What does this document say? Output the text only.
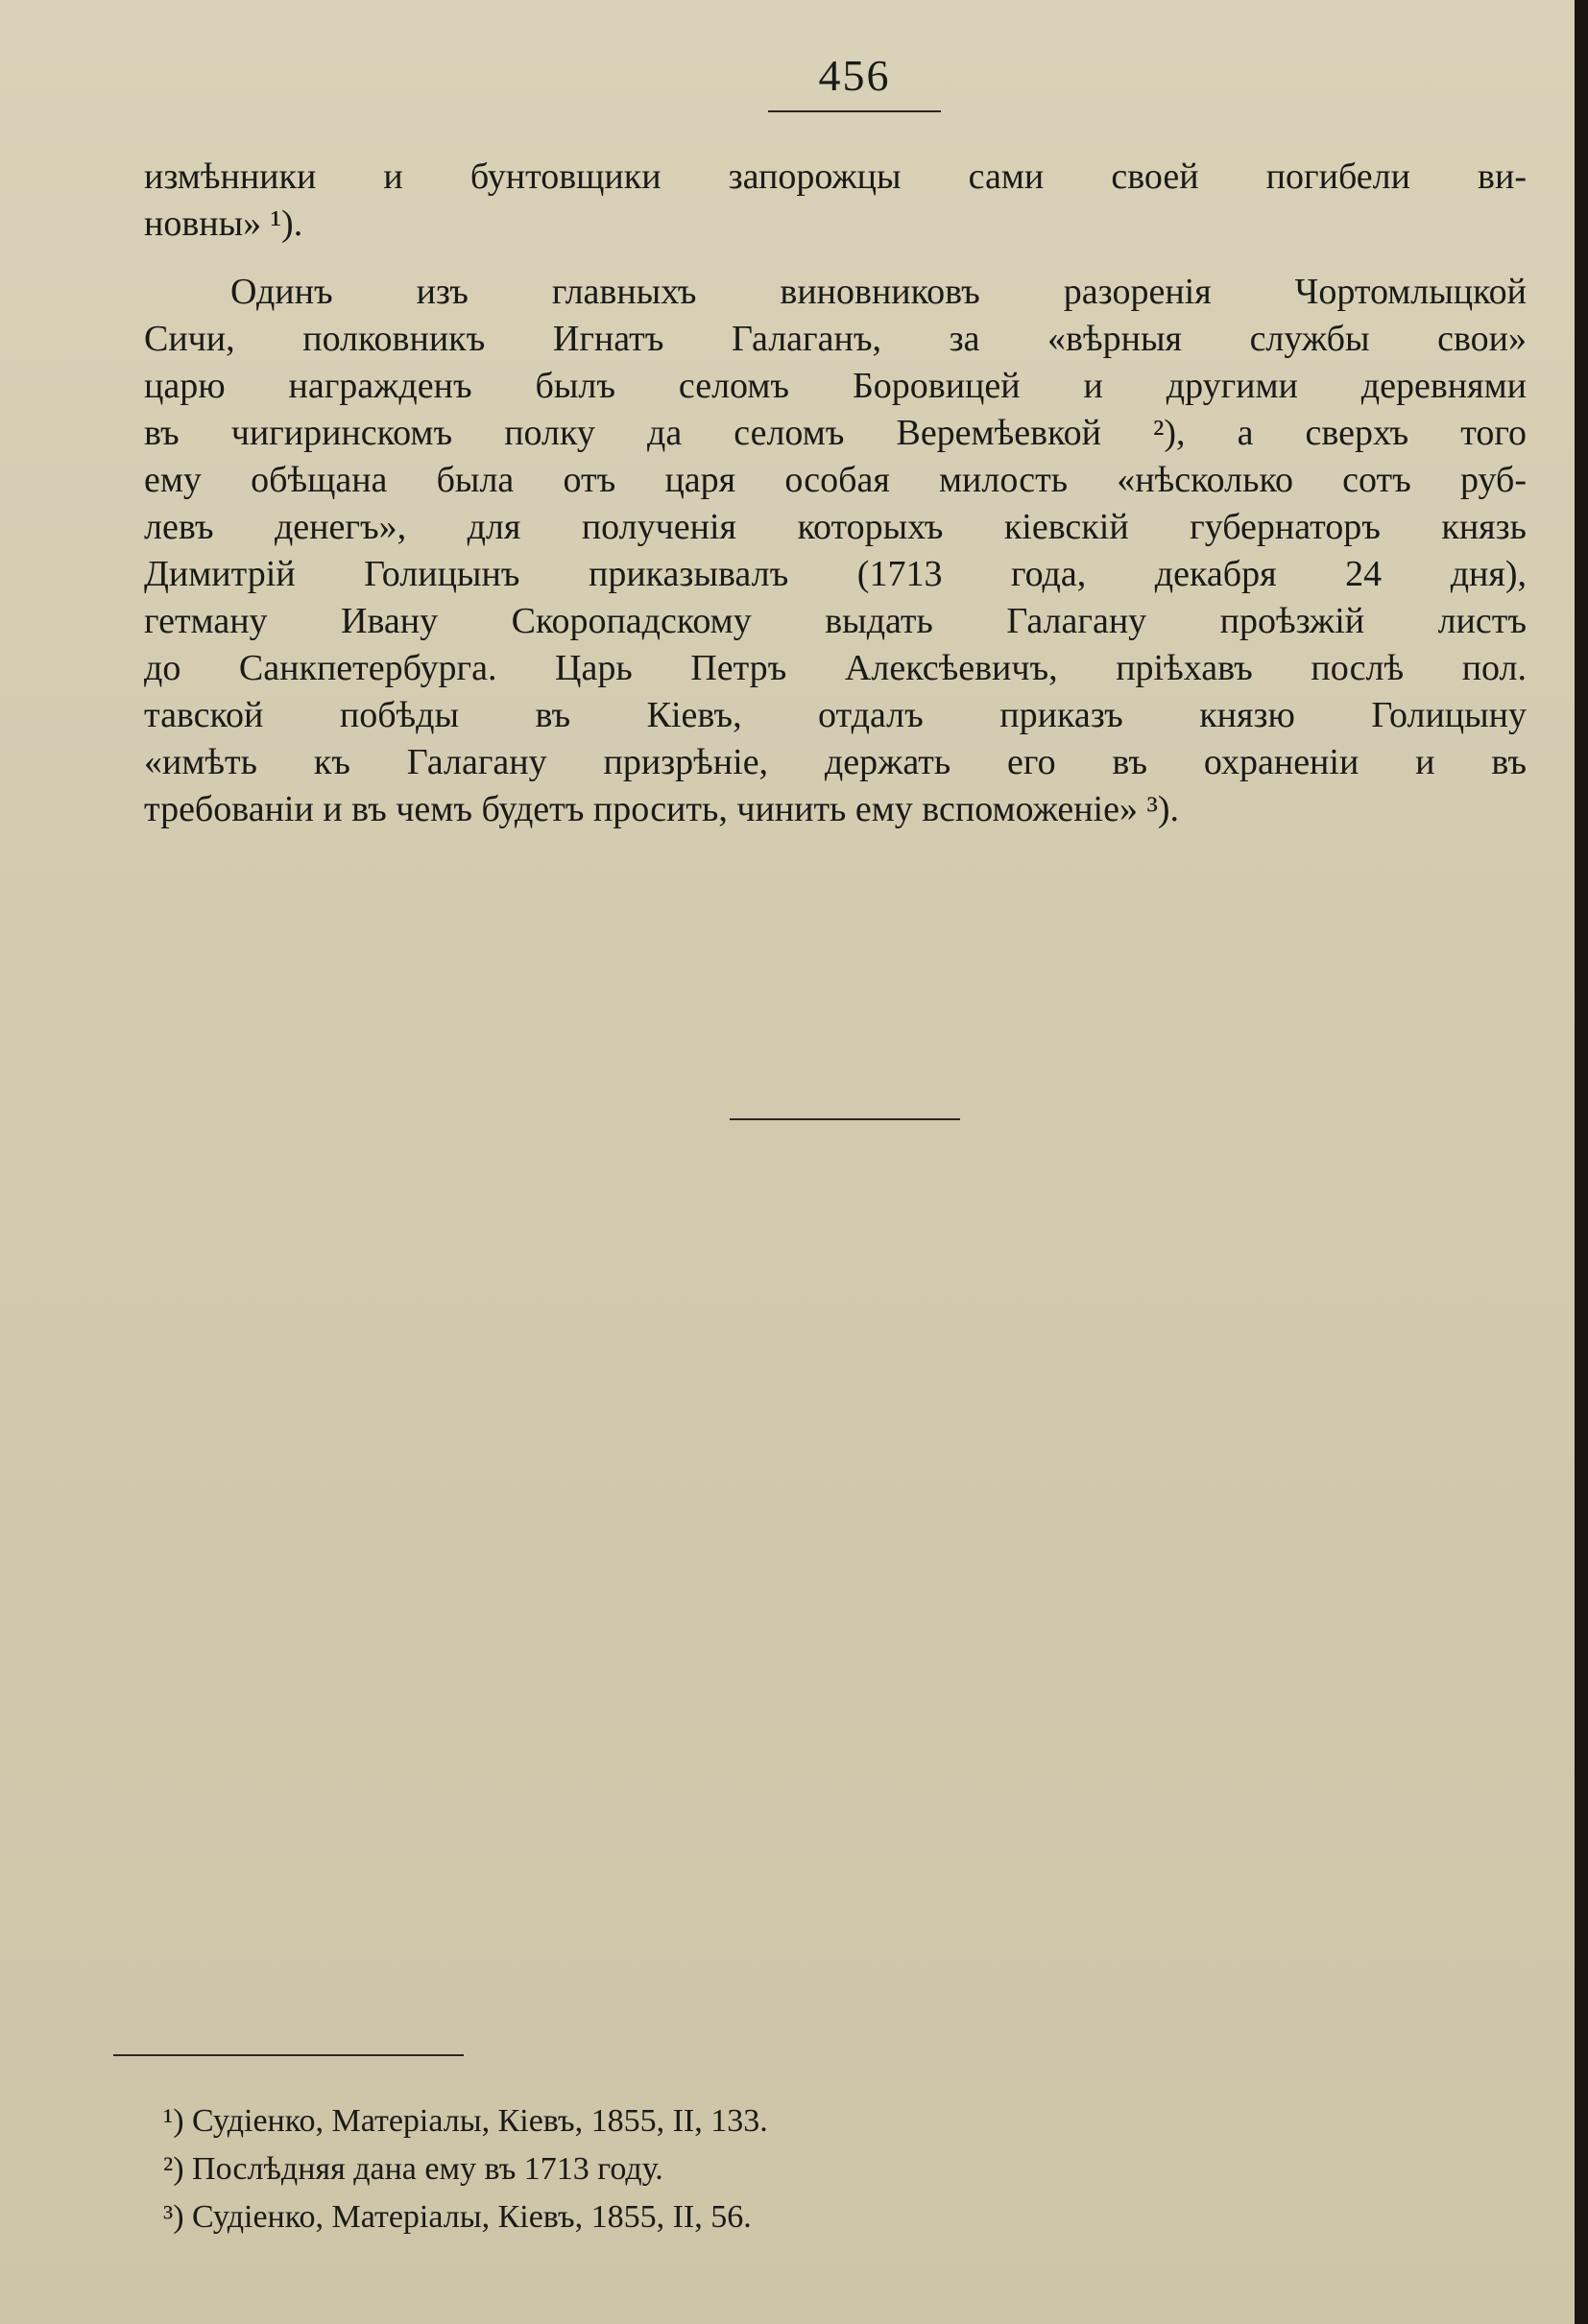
456
измѣнники и бунтовщики запорожцы сами своей погибели ви-
новны» ¹).
Одинъ изъ главныхъ виновниковъ разоренія Чортомлыцкой
Сичи, полковникъ Игнатъ Галаганъ, за «вѣрныя службы свои»
царю награжденъ былъ селомъ Боровицей и другими деревнями
въ чигиринскомъ полку да селомъ Веремѣевкой ²), а сверхъ того
ему обѣщана была отъ царя особая милость «нѣсколько сотъ руб-
левъ денегъ», для полученія которыхъ кіевскій губернаторъ князь
Димитрій Голицынъ приказывалъ (1713 года, декабря 24 дня),
гетману Ивану Скоропадскому выдать Галагану проѣзжій листъ
до Санкпетербурга. Царь Петръ Алексѣевичъ, пріѣхавъ послѣ пол.
тавской побѣды въ Кіевъ, отдалъ приказъ князю Голицыну
«имѣть къ Галагану призрѣніе, держать его въ охраненіи и въ
требованіи и въ чемъ будетъ просить, чинить ему вспоможеніе» ³).
¹) Судіенко, Матеріалы, Кіевъ, 1855, II, 133.
²) Послѣдняя дана ему въ 1713 году.
³) Судіенко, Матеріалы, Кіевъ, 1855, II, 56.
